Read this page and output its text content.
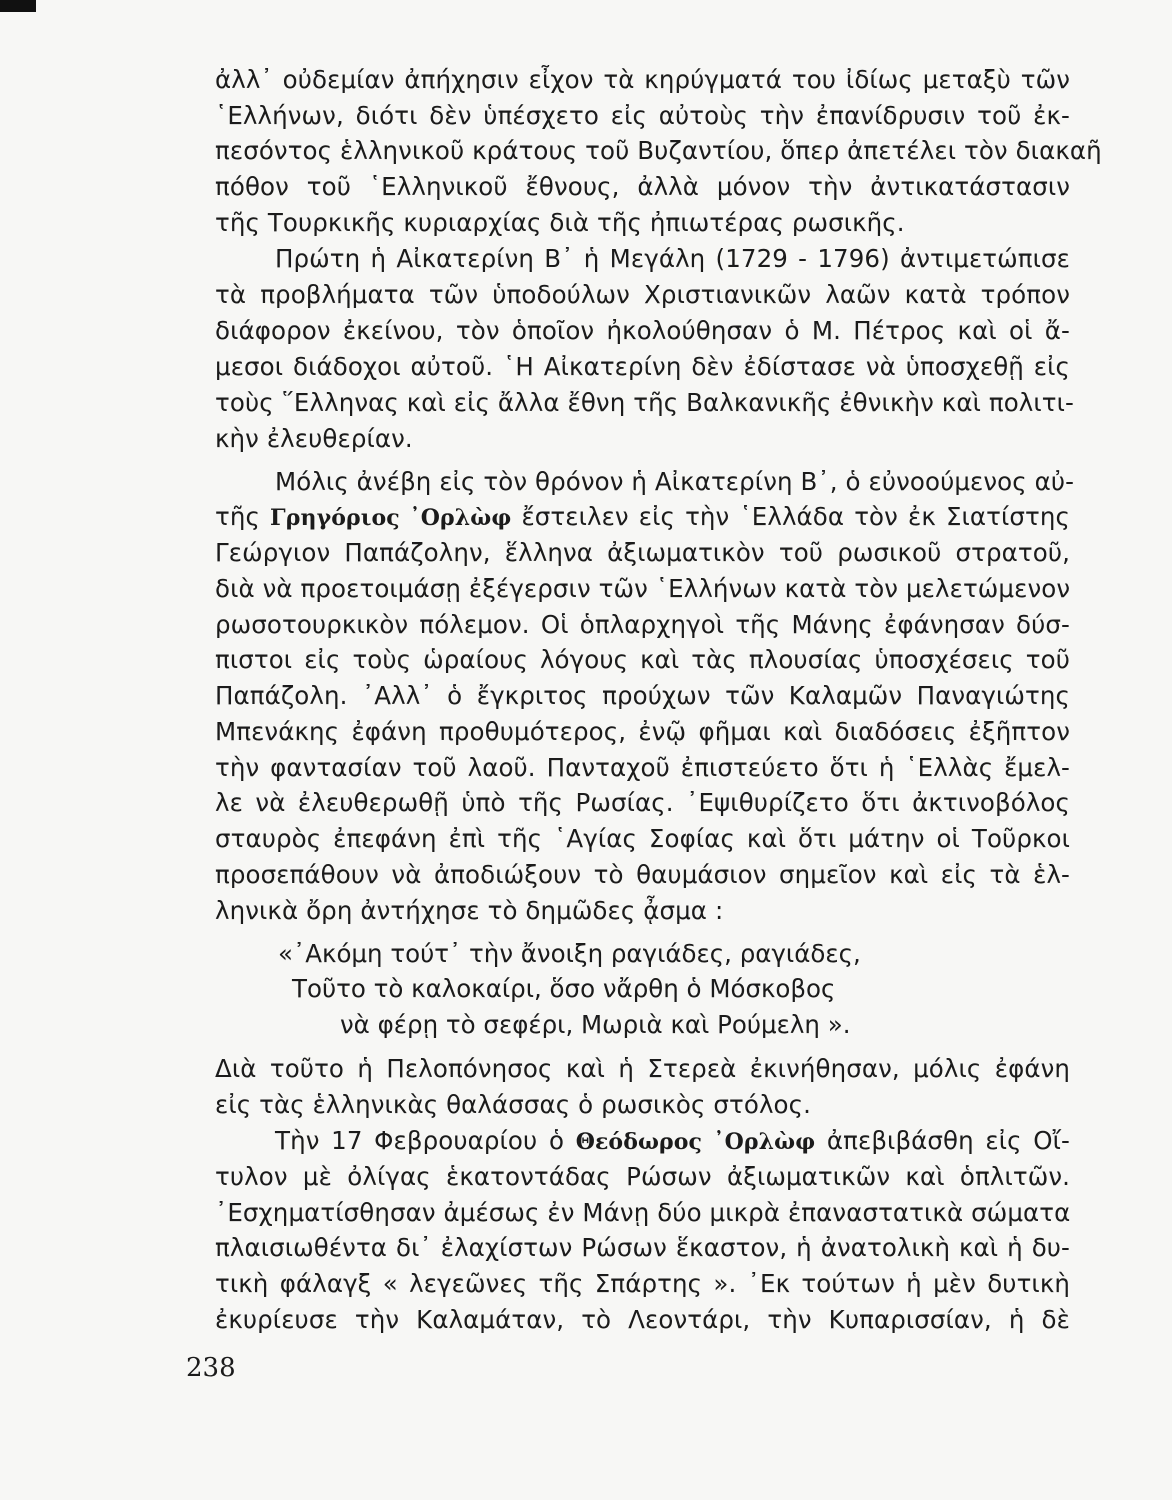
ἀλλ᾽ οὐδεμίαν ἀπήχησιν εἶχον τὰ κηρύγματά του ἰδίως μεταξὺ τῶν
῾Ελλήνων, διότι δὲν ὑπέσχετο εἰς αὐτοὺς τὴν ἐπανίδρυσιν τοῦ ἐκ-
πεσόντος ἑλληνικοῦ κράτους τοῦ Βυζαντίου, ὅπερ ἀπετέλει τὸν διακαῆ
πόθον τοῦ ῾Ελληνικοῦ ἔθνους, ἀλλὰ μόνον τὴν ἀντικατάστασιν
τῆς Τουρκικῆς κυριαρχίας διὰ τῆς ἠπιωτέρας ρωσικῆς.
Πρώτη ἡ Αἰκατερίνη Β᾽ ἡ Μεγάλη (1729 - 1796) ἀντιμετώπισε
τὰ προβλήματα τῶν ὑποδούλων Χριστιανικῶν λαῶν κατὰ τρόπον
διάφορον ἐκείνου, τὸν ὁποῖον ἠκολούθησαν ὁ Μ. Πέτρος καὶ οἱ ἄ-
μεσοι διάδοχοι αὐτοῦ. ῾Η Αἰκατερίνη δὲν ἐδίστασε νὰ ὑποσχεθῇ εἰς
τοὺς ῞Ελληνας καὶ εἰς ἄλλα ἔθνη τῆς Βαλκανικῆς ἐθνικὴν καὶ πολιτι-
κὴν ἐλευθερίαν.
Μόλις ἀνέβη εἰς τὸν θρόνον ἡ Αἰκατερίνη Β᾽, ὁ εὐνοούμενος αὐ-
τῆς Γρηγόριος ᾽Ορλὼφ ἔστειλεν εἰς τὴν ῾Ελλάδα τὸν ἐκ Σιατίστης
Γεώργιον Παπάζολην, ἕλληνα ἀξιωματικὸν τοῦ ρωσικοῦ στρατοῦ,
διὰ νὰ προετοιμάσῃ ἐξέγερσιν τῶν ῾Ελλήνων κατὰ τὸν μελετώμενον
ρωσοτουρκικὸν πόλεμον. Οἱ ὁπλαρχηγοὶ τῆς Μάνης ἐφάνησαν δύσ-
πιστοι εἰς τοὺς ὡραίους λόγους καὶ τὰς πλουσίας ὑποσχέσεις τοῦ
Παπάζολη. ᾽Αλλ᾽ ὁ ἔγκριτος προύχων τῶν Καλαμῶν Παναγιώτης
Μπενάκης ἐφάνη προθυμότερος, ἐνῷ φῆμαι καὶ διαδόσεις ἐξῆπτον
τὴν φαντασίαν τοῦ λαοῦ. Πανταχοῦ ἐπιστεύετο ὅτι ἡ ῾Ελλὰς ἔμελ-
λε νὰ ἐλευθερωθῇ ὑπὸ τῆς Ρωσίας. ᾽Εψιθυρίζετο ὅτι ἀκτινοβόλος
σταυρὸς ἐπεφάνη ἐπὶ τῆς ῾Αγίας Σοφίας καὶ ὅτι μάτην οἱ Τοῦρκοι
προσεπάθουν νὰ ἀποδιώξουν τὸ θαυμάσιον σημεῖον καὶ εἰς τὰ ἑλ-
ληνικὰ ὄρη ἀντήχησε τὸ δημῶδες ᾆσμα :
«᾽Ακόμη τούτ᾽ τὴν ἄνοιξη ραγιάδες, ραγιάδες,
Τοῦτο τὸ καλοκαίρι, ὅσο νἄρθη ὁ Μόσκοβος
νὰ φέρῃ τὸ σεφέρι, Μωριὰ καὶ Ρούμελη ».
Διὰ τοῦτο ἡ Πελοπόνησος καὶ ἡ Στερεὰ ἐκινήθησαν, μόλις ἐφάνη
εἰς τὰς ἑλληνικὰς θαλάσσας ὁ ρωσικὸς στόλος.
Τὴν 17 Φεβρουαρίου ὁ Θεόδωρος ᾽Ορλὼφ ἀπεβιβάσθη εἰς Οἴ-
τυλον μὲ ὀλίγας ἑκατοντάδας Ρώσων ἀξιωματικῶν καὶ ὁπλιτῶν.
᾽Εσχηματίσθησαν ἀμέσως ἐν Μάνῃ δύο μικρὰ ἐπαναστατικὰ σώματα
πλαισιωθέντα δι᾽ ἐλαχίστων Ρώσων ἕκαστον, ἡ ἀνατολικὴ καὶ ἡ δυ-
τικὴ φάλαγξ « λεγεῶνες τῆς Σπάρτης ». ᾽Εκ τούτων ἡ μὲν δυτικὴ
ἐκυρίευσε τὴν Καλαμάταν, τὸ Λεοντάρι, τὴν Κυπαρισσίαν, ἡ δὲ
238
